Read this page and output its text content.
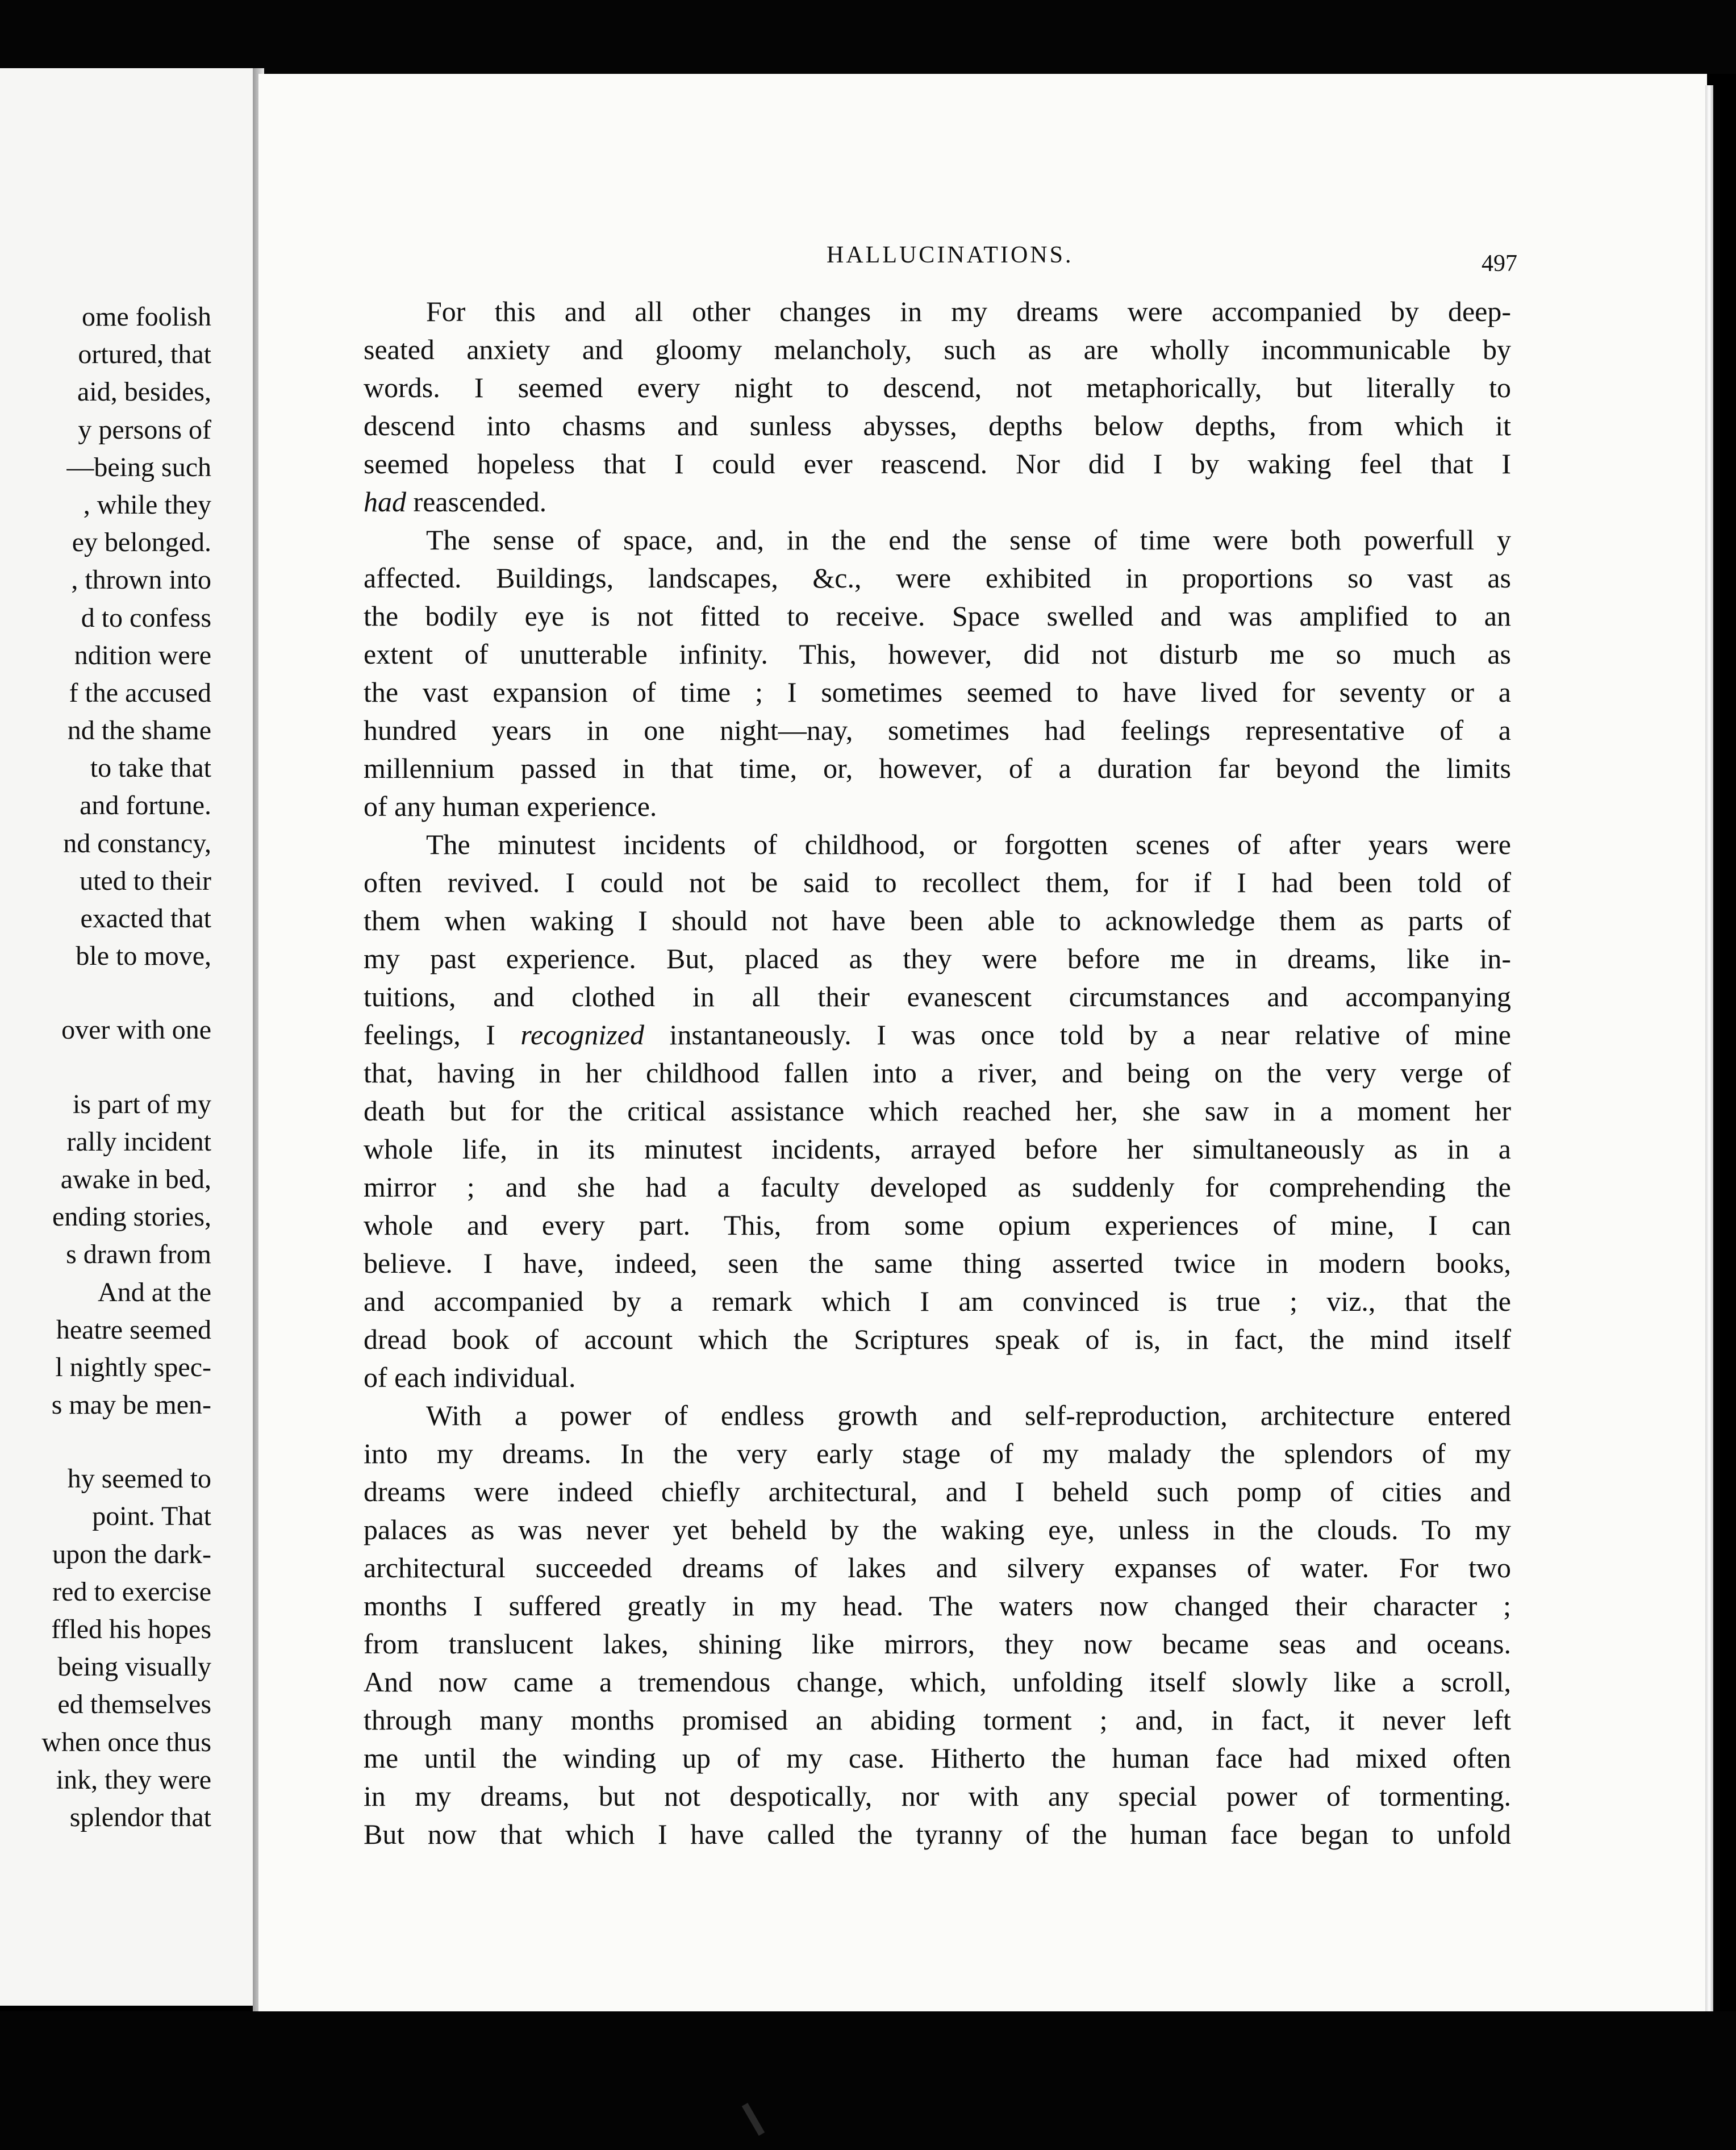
ome foolish
ortured, that
aid, besides,
y persons of
—being such
, while they
ey belonged.
, thrown into
d to confess
ndition were
f the accused
nd the shame
to take that
and fortune.
nd constancy,
uted to their
exacted that
ble to move,
over with one
is part of my
rally incident
awake in bed,
ending stories,
s drawn from
And at the
heatre seemed
l nightly spec-
s may be men-
hy seemed to
point. That
upon the dark-
red to exercise
ffled his hopes
being visually
ed themselves
when once thus
ink, they were
splendor that
HALLUCINATIONS.	497
For this and all other changes in my dreams were accompanied by deep-
seated anxiety and gloomy melancholy, such as are wholly incommunicable by
words. I seemed every night to descend, not metaphorically, but literally to
descend into chasms and sunless abysses, depths below depths, from which it
seemed hopeless that I could ever reascend. Nor did I by waking feel that I
had reascended.
The sense of space, and, in the end the sense of time were both powerfull y
affected. Buildings, landscapes, &c., were exhibited in proportions so vast as
the bodily eye is not fitted to receive. Space swelled and was amplified to an
extent of unutterable infinity. This, however, did not disturb me so much as
the vast expansion of time ; I sometimes seemed to have lived for seventy or a
hundred years in one night—nay, sometimes had feelings representative of a
millennium passed in that time, or, however, of a duration far beyond the limits
of any human experience.
The minutest incidents of childhood, or forgotten scenes of after years were
often revived. I could not be said to recollect them, for if I had been told of
them when waking I should not have been able to acknowledge them as parts of
my past experience. But, placed as they were before me in dreams, like in-
tuitions, and clothed in all their evanescent circumstances and accompanying
feelings, I recognized instantaneously. I was once told by a near relative of mine
that, having in her childhood fallen into a river, and being on the very verge of
death but for the critical assistance which reached her, she saw in a moment her
whole life, in its minutest incidents, arrayed before her simultaneously as in a
mirror ; and she had a faculty developed as suddenly for comprehending the
whole and every part. This, from some opium experiences of mine, I can
believe. I have, indeed, seen the same thing asserted twice in modern books,
and accompanied by a remark which I am convinced is true ; viz., that the
dread book of account which the Scriptures speak of is, in fact, the mind itself
of each individual.
With a power of endless growth and self-reproduction, architecture entered
into my dreams. In the very early stage of my malady the splendors of my
dreams were indeed chiefly architectural, and I beheld such pomp of cities and
palaces as was never yet beheld by the waking eye, unless in the clouds. To my
architectural succeeded dreams of lakes and silvery expanses of water. For two
months I suffered greatly in my head. The waters now changed their character ;
from translucent lakes, shining like mirrors, they now became seas and oceans.
And now came a tremendous change, which, unfolding itself slowly like a scroll,
through many months promised an abiding torment ; and, in fact, it never left
me until the winding up of my case. Hitherto the human face had mixed often
in my dreams, but not despotically, nor with any special power of tormenting.
But now that which I have called the tyranny of the human face began to unfold
